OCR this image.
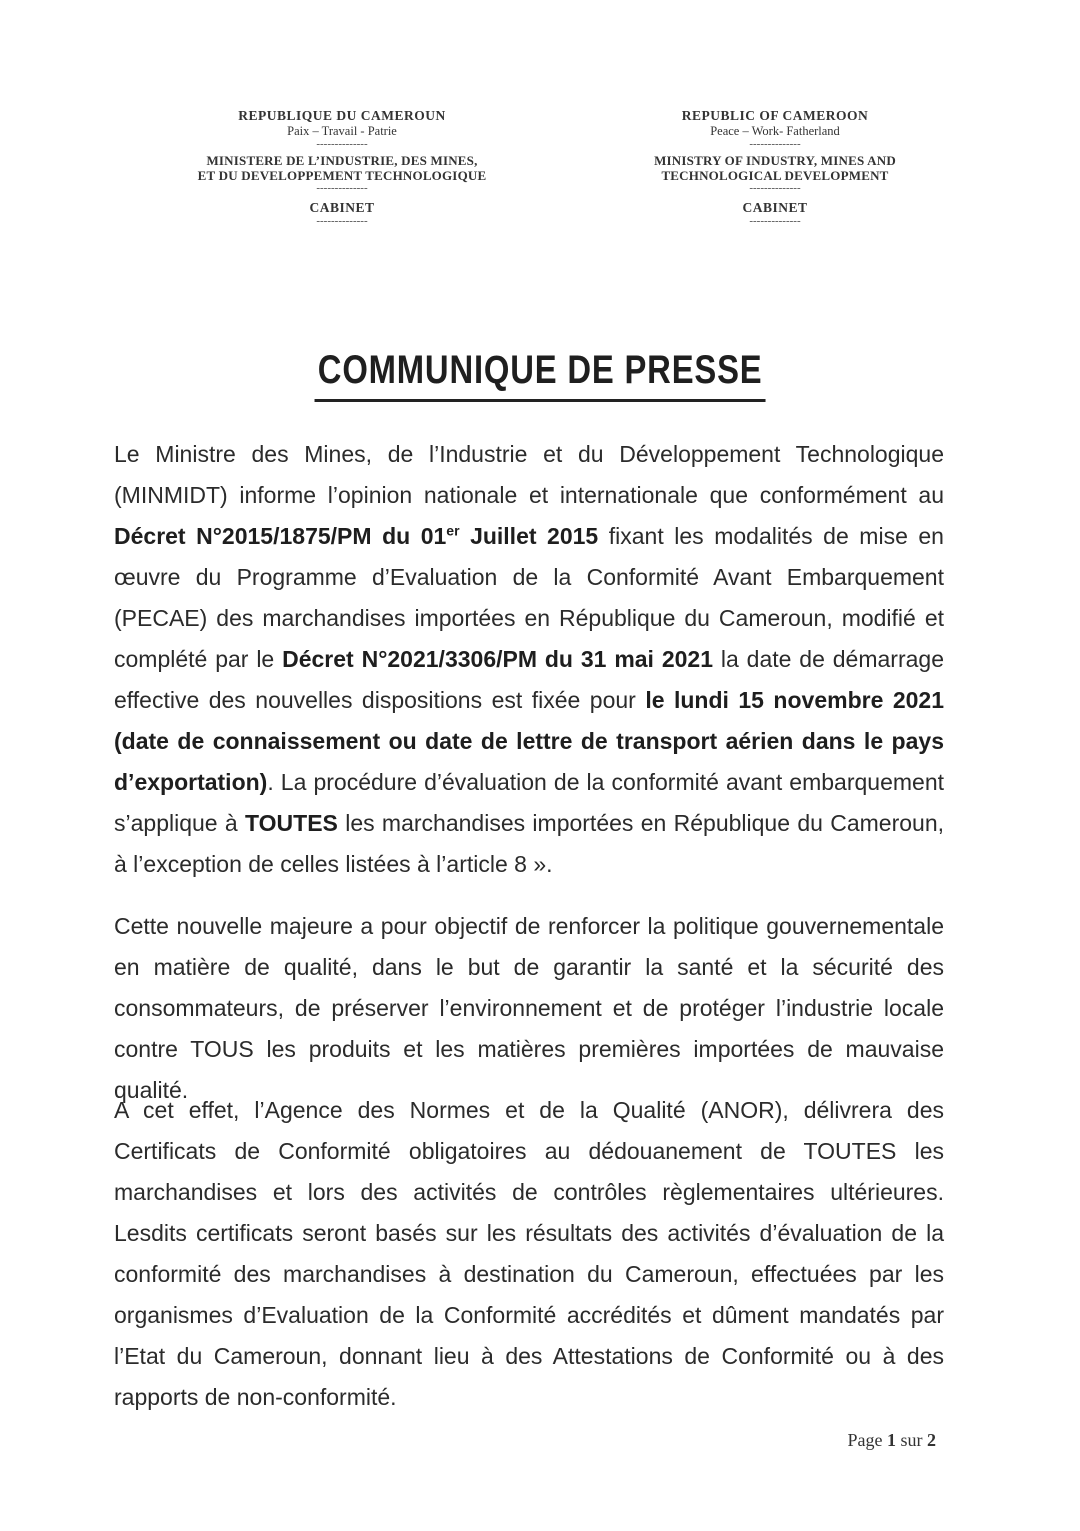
REPUBLIQUE DU CAMEROUN
Paix – Travail - Patrie
--------------
MINISTERE DE L’INDUSTRIE, DES MINES,
ET DU DEVELOPPEMENT TECHNOLOGIQUE
--------------
CABINET
--------------
REPUBLIC OF CAMEROON
Peace – Work- Fatherland
--------------
MINISTRY OF INDUSTRY, MINES AND
TECHNOLOGICAL DEVELOPMENT
--------------
CABINET
--------------
COMMUNIQUE DE PRESSE
Le Ministre des Mines, de l’Industrie et du Développement Technologique (MINMIDT) informe l’opinion nationale et internationale que conformément au Décret N°2015/1875/PM du 01er Juillet 2015 fixant les modalités de mise en œuvre du Programme d’Evaluation de la Conformité Avant Embarquement (PECAE) des marchandises importées en République du Cameroun, modifié et complété par le Décret N°2021/3306/PM du 31 mai 2021 la date de démarrage effective des nouvelles dispositions est fixée pour le lundi 15 novembre 2021 (date de connaissement ou date de lettre de transport aérien dans le pays d’exportation). La procédure d’évaluation de la conformité avant embarquement s’applique à TOUTES les marchandises importées en République du Cameroun, à l’exception de celles listées à l’article 8 ».
Cette nouvelle majeure a pour objectif de renforcer la politique gouvernementale en matière de qualité, dans le but de garantir la santé et la sécurité des consommateurs, de préserver l’environnement et de protéger l’industrie locale contre TOUS les produits et les matières premières importées de mauvaise qualité.
A cet effet, l’Agence des Normes et de la Qualité (ANOR), délivrera des Certificats de Conformité obligatoires au dédouanement de TOUTES les marchandises et lors des activités de contrôles règlementaires ultérieures. Lesdits certificats seront basés sur les résultats des activités d’évaluation de la conformité des marchandises à destination du Cameroun, effectuées par les organismes d’Evaluation de la Conformité accrédités et dûment mandatés par l’Etat du Cameroun, donnant lieu à des Attestations de Conformité ou à des rapports de non-conformité.
Page 1 sur 2
